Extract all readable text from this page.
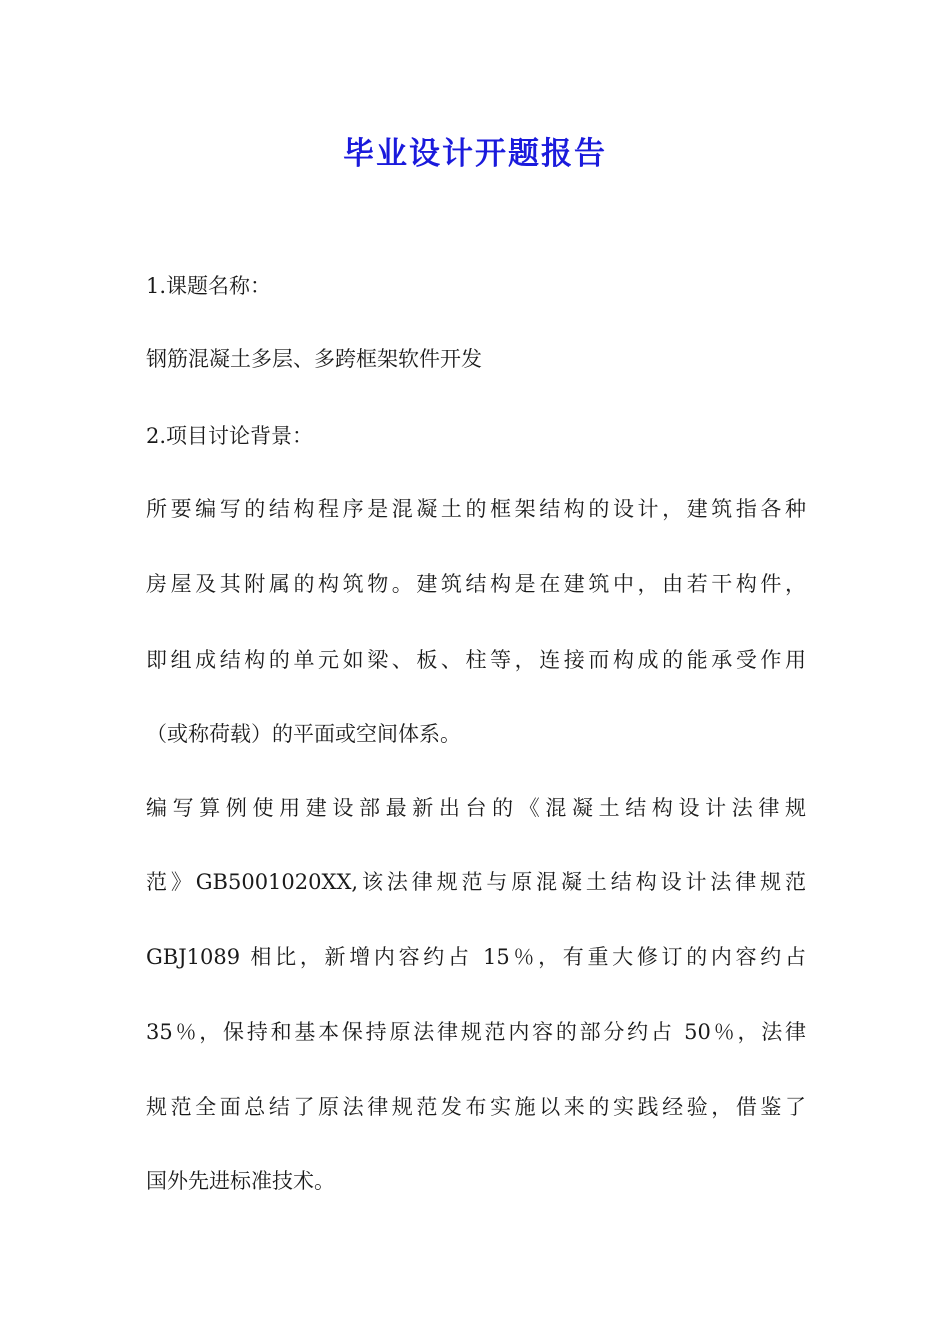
毕业设计开题报告

1.课题名称：

钢筋混凝土多层、多跨框架软件开发

2.项目讨论背景：

所要编写的结构程序是混凝土的框架结构的设计，建筑指各种

房屋及其附属的构筑物。建筑结构是在建筑中，由若干构件，

即组成结构的单元如梁、板、柱等，连接而构成的能承受作用

（或称荷载）的平面或空间体系。

编写算例使用建设部最新出台的《混凝土结构设计法律规

范》GB5001020XX,该法律规范与原混凝土结构设计法律规范

GBJ1089 相比，新增内容约占 15％，有重大修订的内容约占

35％，保持和基本保持原法律规范内容的部分约占 50％，法律

规范全面总结了原法律规范发布实施以来的实践经验，借鉴了

国外先进标准技术。
